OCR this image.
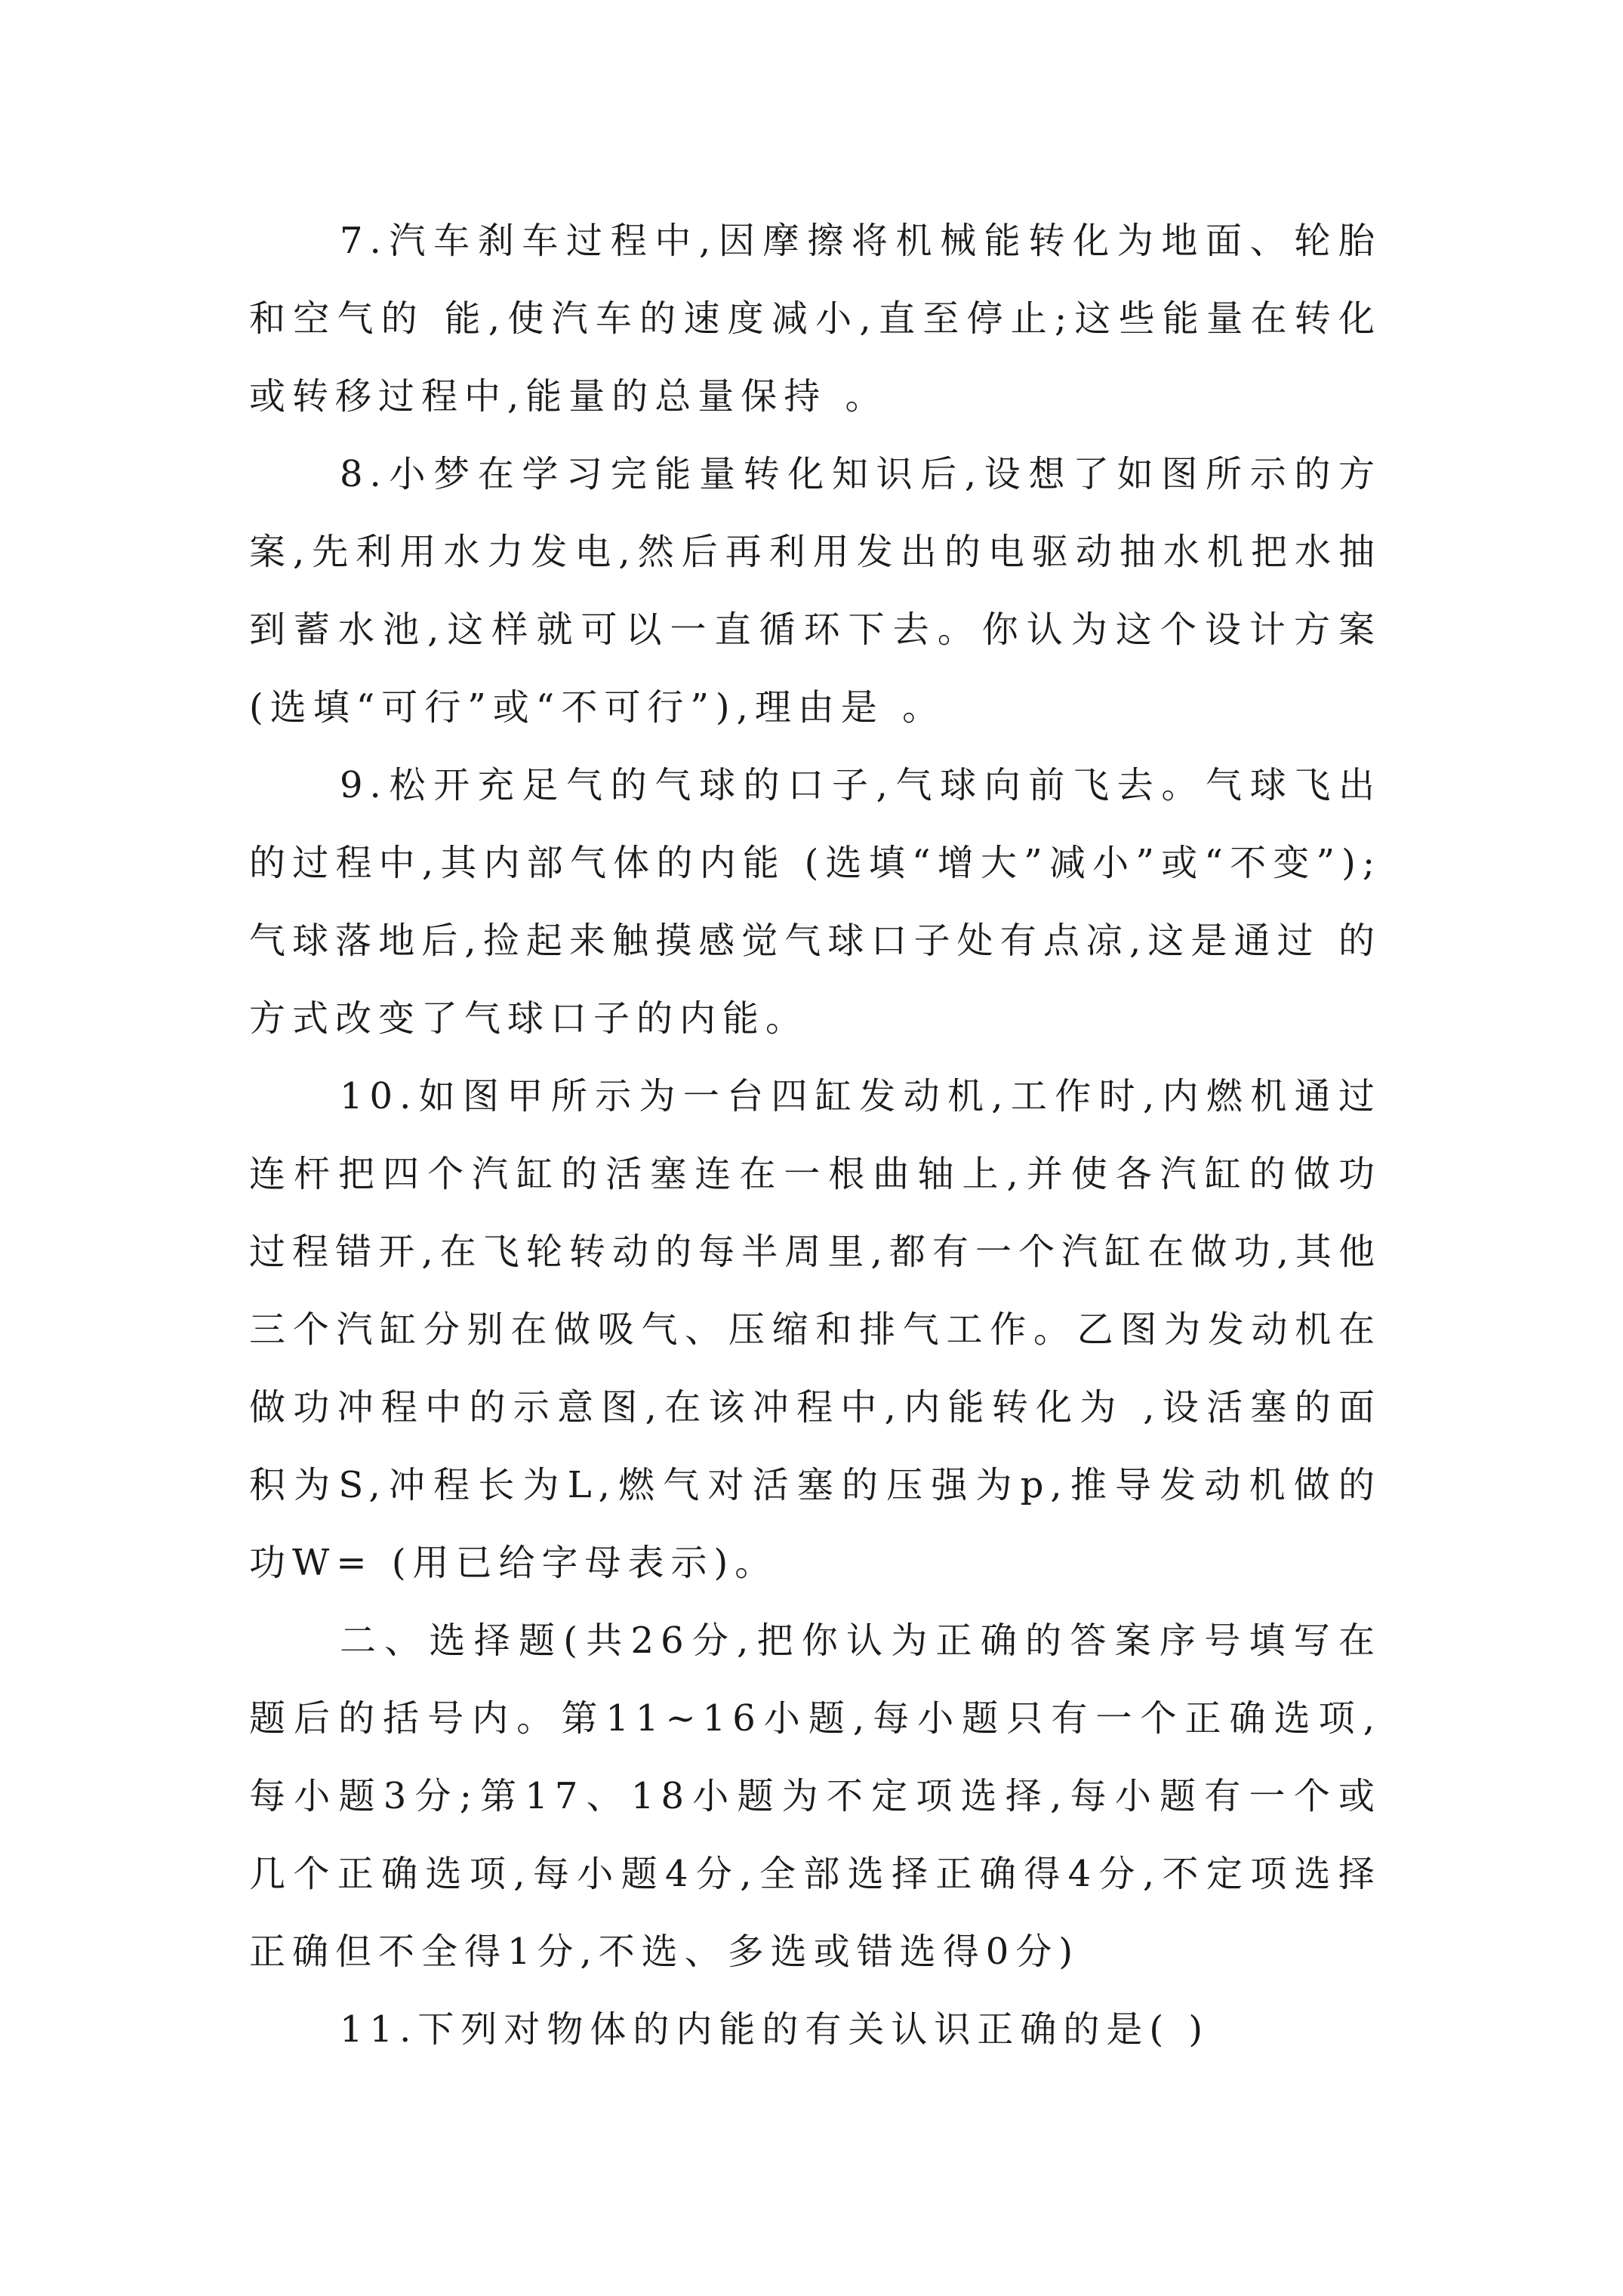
7.汽车刹车过程中,因摩擦将机械能转化为地面、轮胎和空气的 能,使汽车的速度减小,直至停止;这些能量在转化或转移过程中,能量的总量保持 。

8.小梦在学习完能量转化知识后,设想了如图所示的方案,先利用水力发电,然后再利用发出的电驱动抽水机把水抽到蓄水池,这样就可以一直循环下去。你认为这个设计方案 (选填“可行”或“不可行”),理由是 。

9.松开充足气的气球的口子,气球向前飞去。气球飞出的过程中,其内部气体的内能 (选填“增大”减小”或“不变”);气球落地后,捡起来触摸感觉气球口子处有点凉,这是通过 的方式改变了气球口子的内能。

10.如图甲所示为一台四缸发动机,工作时,内燃机通过连杆把四个汽缸的活塞连在一根曲轴上,并使各汽缸的做功过程错开,在飞轮转动的每半周里,都有一个汽缸在做功,其他三个汽缸分别在做吸气、压缩和排气工作。乙图为发动机在做功冲程中的示意图,在该冲程中,内能转化为 ,设活塞的面积为S,冲程长为L,燃气对活塞的压强为p,推导发动机做的功W= (用已给字母表示)。

二、选择题(共26分,把你认为正确的答案序号填写在题后的括号内。第11~16小题,每小题只有一个正确选项,每小题3分;第17、18小题为不定项选择,每小题有一个或几个正确选项,每小题4分,全部选择正确得4分,不定项选择正确但不全得1分,不选、多选或错选得0分)

11.下列对物体的内能的有关认识正确的是( )
